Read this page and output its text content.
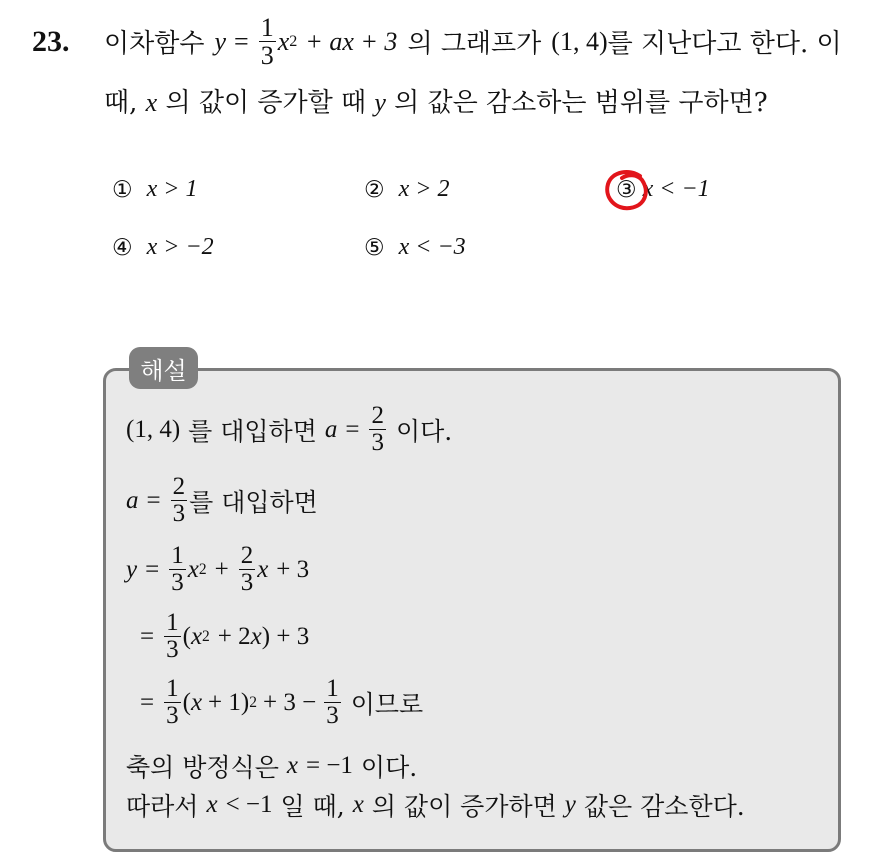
23. 이차함수 $y = \frac{1}{3}$ x 2 + ax + 3 의 그래프가 (1, 4) 를 지난다고 한다. 이
때, x 의 값이 증가할 때 y 의 값은 감소하는 범위를 구하면?
① x > 1	② x > 2	③ x < −1
④ x > −2	⑤ x < −3
해설
(1, 4) 를 대입하면 $a = \frac{2}{3}$ 이다.
$a = \frac{2}{3}$ 를 대입하면
$y = \frac{1}{3}$ x $2 + \frac{2}{3}$ x + 3
= $\frac{1}{3}$ ( x 2 + 2 x ) + 3
= $\frac{1}{3}$ ( x + 1) $2 + 3 - \frac{1}{3}$ 이므로
축의 방정식은 x = −1 이다.
따라서 x < −1 일 때, x 의 값이 증가하면 y 값은 감소한다.
